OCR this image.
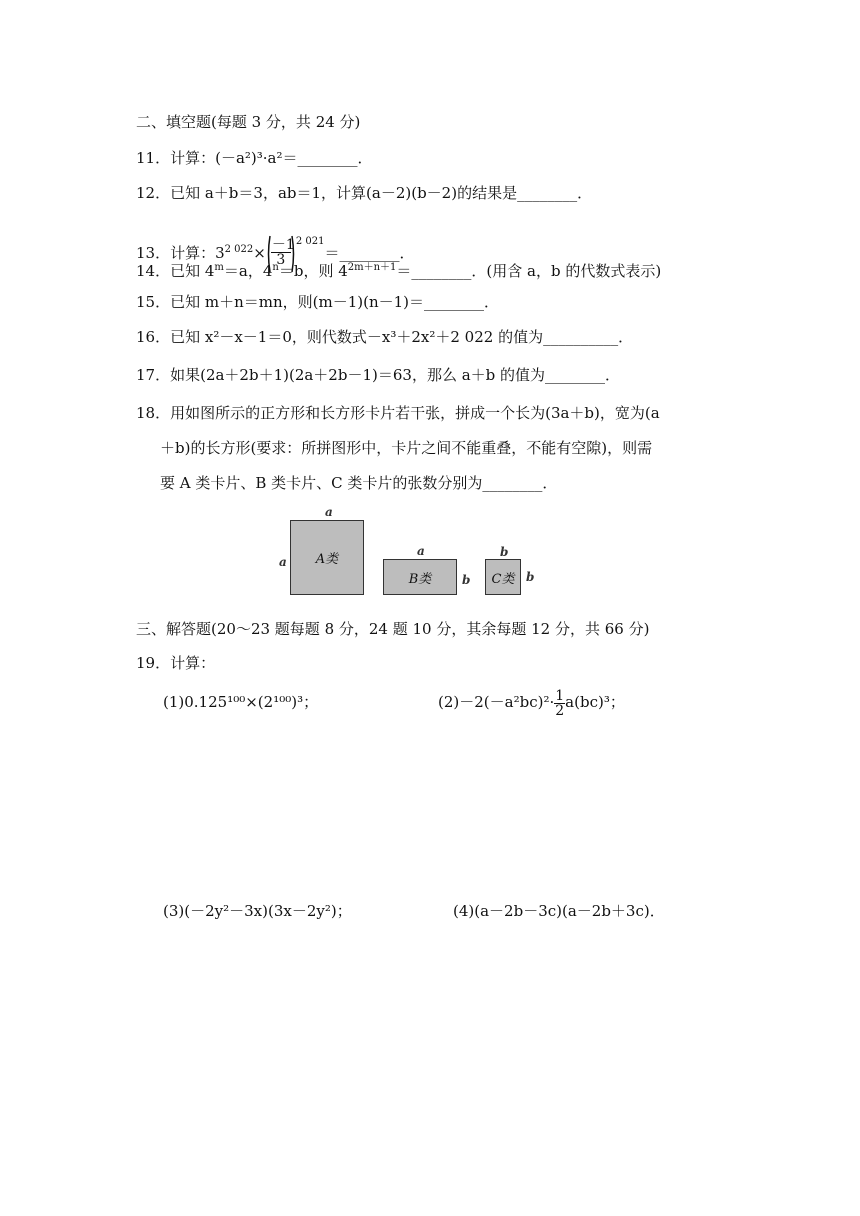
二、填空题(每题 3 分，共 24 分)
11．计算：(－a²)³·a²＝________．
12．已知 a＋b＝3，ab＝1，计算(a－2)(b－2)的结果是________．
13．计算：$3^{2 022}\times \frac{-1}{3}$ $^{2 021}$＝________．
14．已知 $4^m=a$，$4^n=b$，则 $4^{2m+n+1}=\_\_\_\_\_\_\_\_$．(用含 a，b 的代数式表示)
15．已知 m＋n＝mn，则(m－1)(n－1)＝________．
16．已知 x²－x－1＝0，则代数式－x³＋2x²＋2 022 的值为__________．
17．如果(2a＋2b＋1)(2a＋2b－1)＝63，那么 a＋b 的值为________．
18．用如图所示的正方形和长方形卡片若干张，拼成一个长为(3a＋b)，宽为(a
＋b)的长方形(要求：所拼图形中，卡片之间不能重叠，不能有空隙)，则需
要 A 类卡片、B 类卡片、C 类卡片的张数分别为________．
a
a A类
a
B类	b
b
C类 b
三、解答题(20～23 题每题 8 分，24 题 10 分，其余每题 12 分，共 66 分)
19．计算：
(1)0.125¹⁰⁰×(2¹⁰⁰)³；	$(2)-2(-a^2bc)^2\cdot \frac{1}{2} a(bc)^3$；
(3)(－2y²－3x)(3x－2y²)；	(4)(a－2b－3c)(a－2b＋3c)．
